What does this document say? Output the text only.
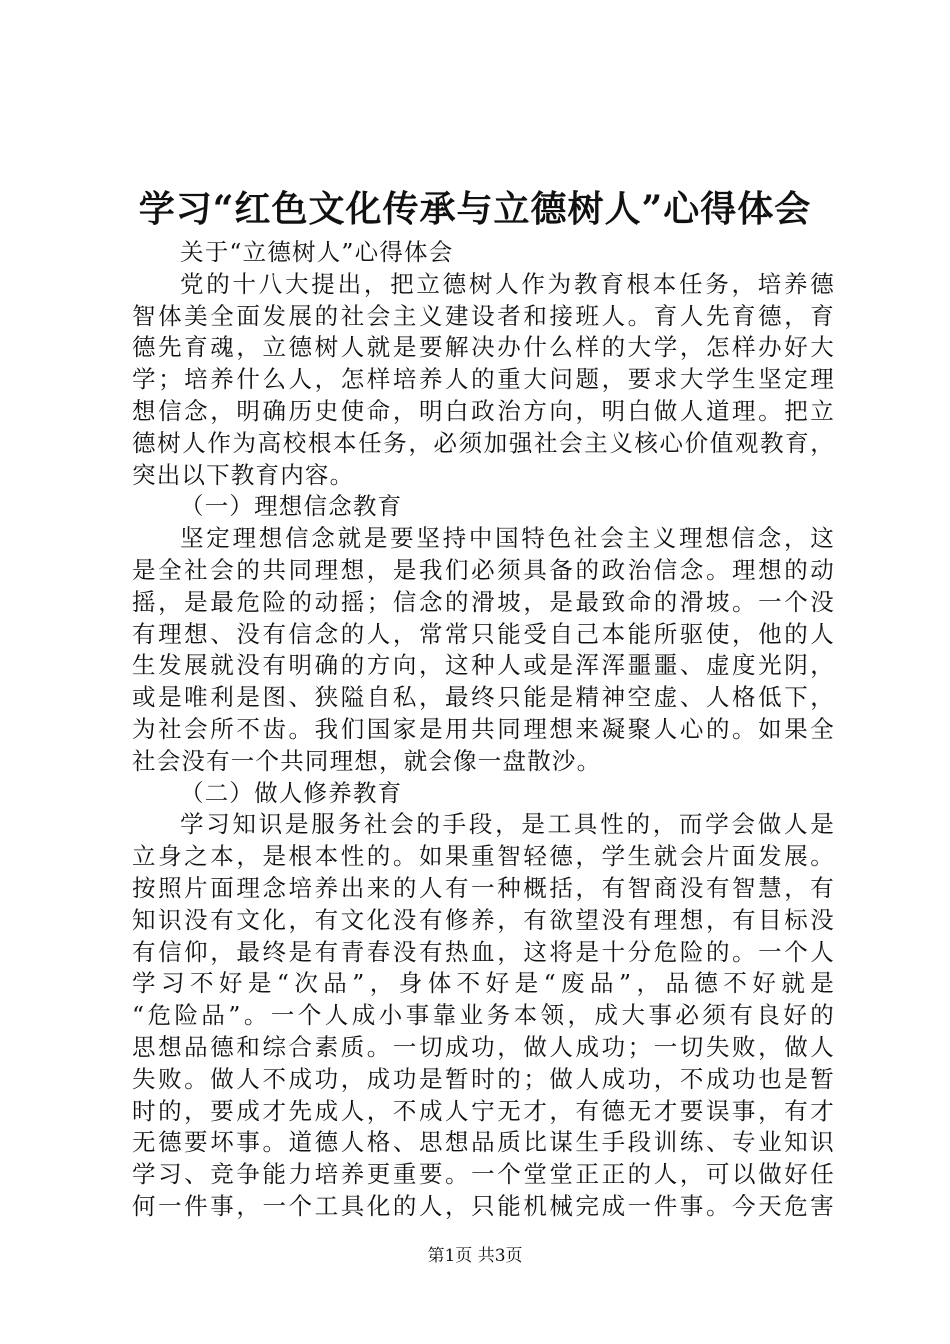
学习“红色文化传承与立德树人”心得体会
关于“立德树人”心得体会
党的十八大提出，把立德树人作为教育根本任务，培养德
智体美全面发展的社会主义建设者和接班人。育人先育德，育
德先育魂，立德树人就是要解决办什么样的大学，怎样办好大
学；培养什么人，怎样培养人的重大问题，要求大学生坚定理
想信念，明确历史使命，明白政治方向，明白做人道理。把立
德树人作为高校根本任务，必须加强社会主义核心价值观教育，
突出以下教育内容。
（一）理想信念教育
坚定理想信念就是要坚持中国特色社会主义理想信念，这
是全社会的共同理想，是我们必须具备的政治信念。理想的动
摇，是最危险的动摇；信念的滑坡，是最致命的滑坡。一个没
有理想、没有信念的人，常常只能受自己本能所驱使，他的人
生发展就没有明确的方向，这种人或是浑浑噩噩、虚度光阴，
或是唯利是图、狭隘自私，最终只能是精神空虚、人格低下，
为社会所不齿。我们国家是用共同理想来凝聚人心的。如果全
社会没有一个共同理想，就会像一盘散沙。
（二）做人修养教育
学习知识是服务社会的手段，是工具性的，而学会做人是
立身之本，是根本性的。如果重智轻德，学生就会片面发展。
按照片面理念培养出来的人有一种概括，有智商没有智慧，有
知识没有文化，有文化没有修养，有欲望没有理想，有目标没
有信仰，最终是有青春没有热血，这将是十分危险的。一个人
学习不好是“次品”，身体不好是“废品”，品德不好就是
“危险品”。一个人成小事靠业务本领，成大事必须有良好的
思想品德和综合素质。一切成功，做人成功；一切失败，做人
失败。做人不成功，成功是暂时的；做人成功，不成功也是暂
时的，要成才先成人，不成人宁无才，有德无才要误事，有才
无德要坏事。道德人格、思想品质比谋生手段训练、专业知识
学习、竞争能力培养更重要。一个堂堂正正的人，可以做好任
何一件事，一个工具化的人，只能机械完成一件事。今天危害
第1页 共3页
